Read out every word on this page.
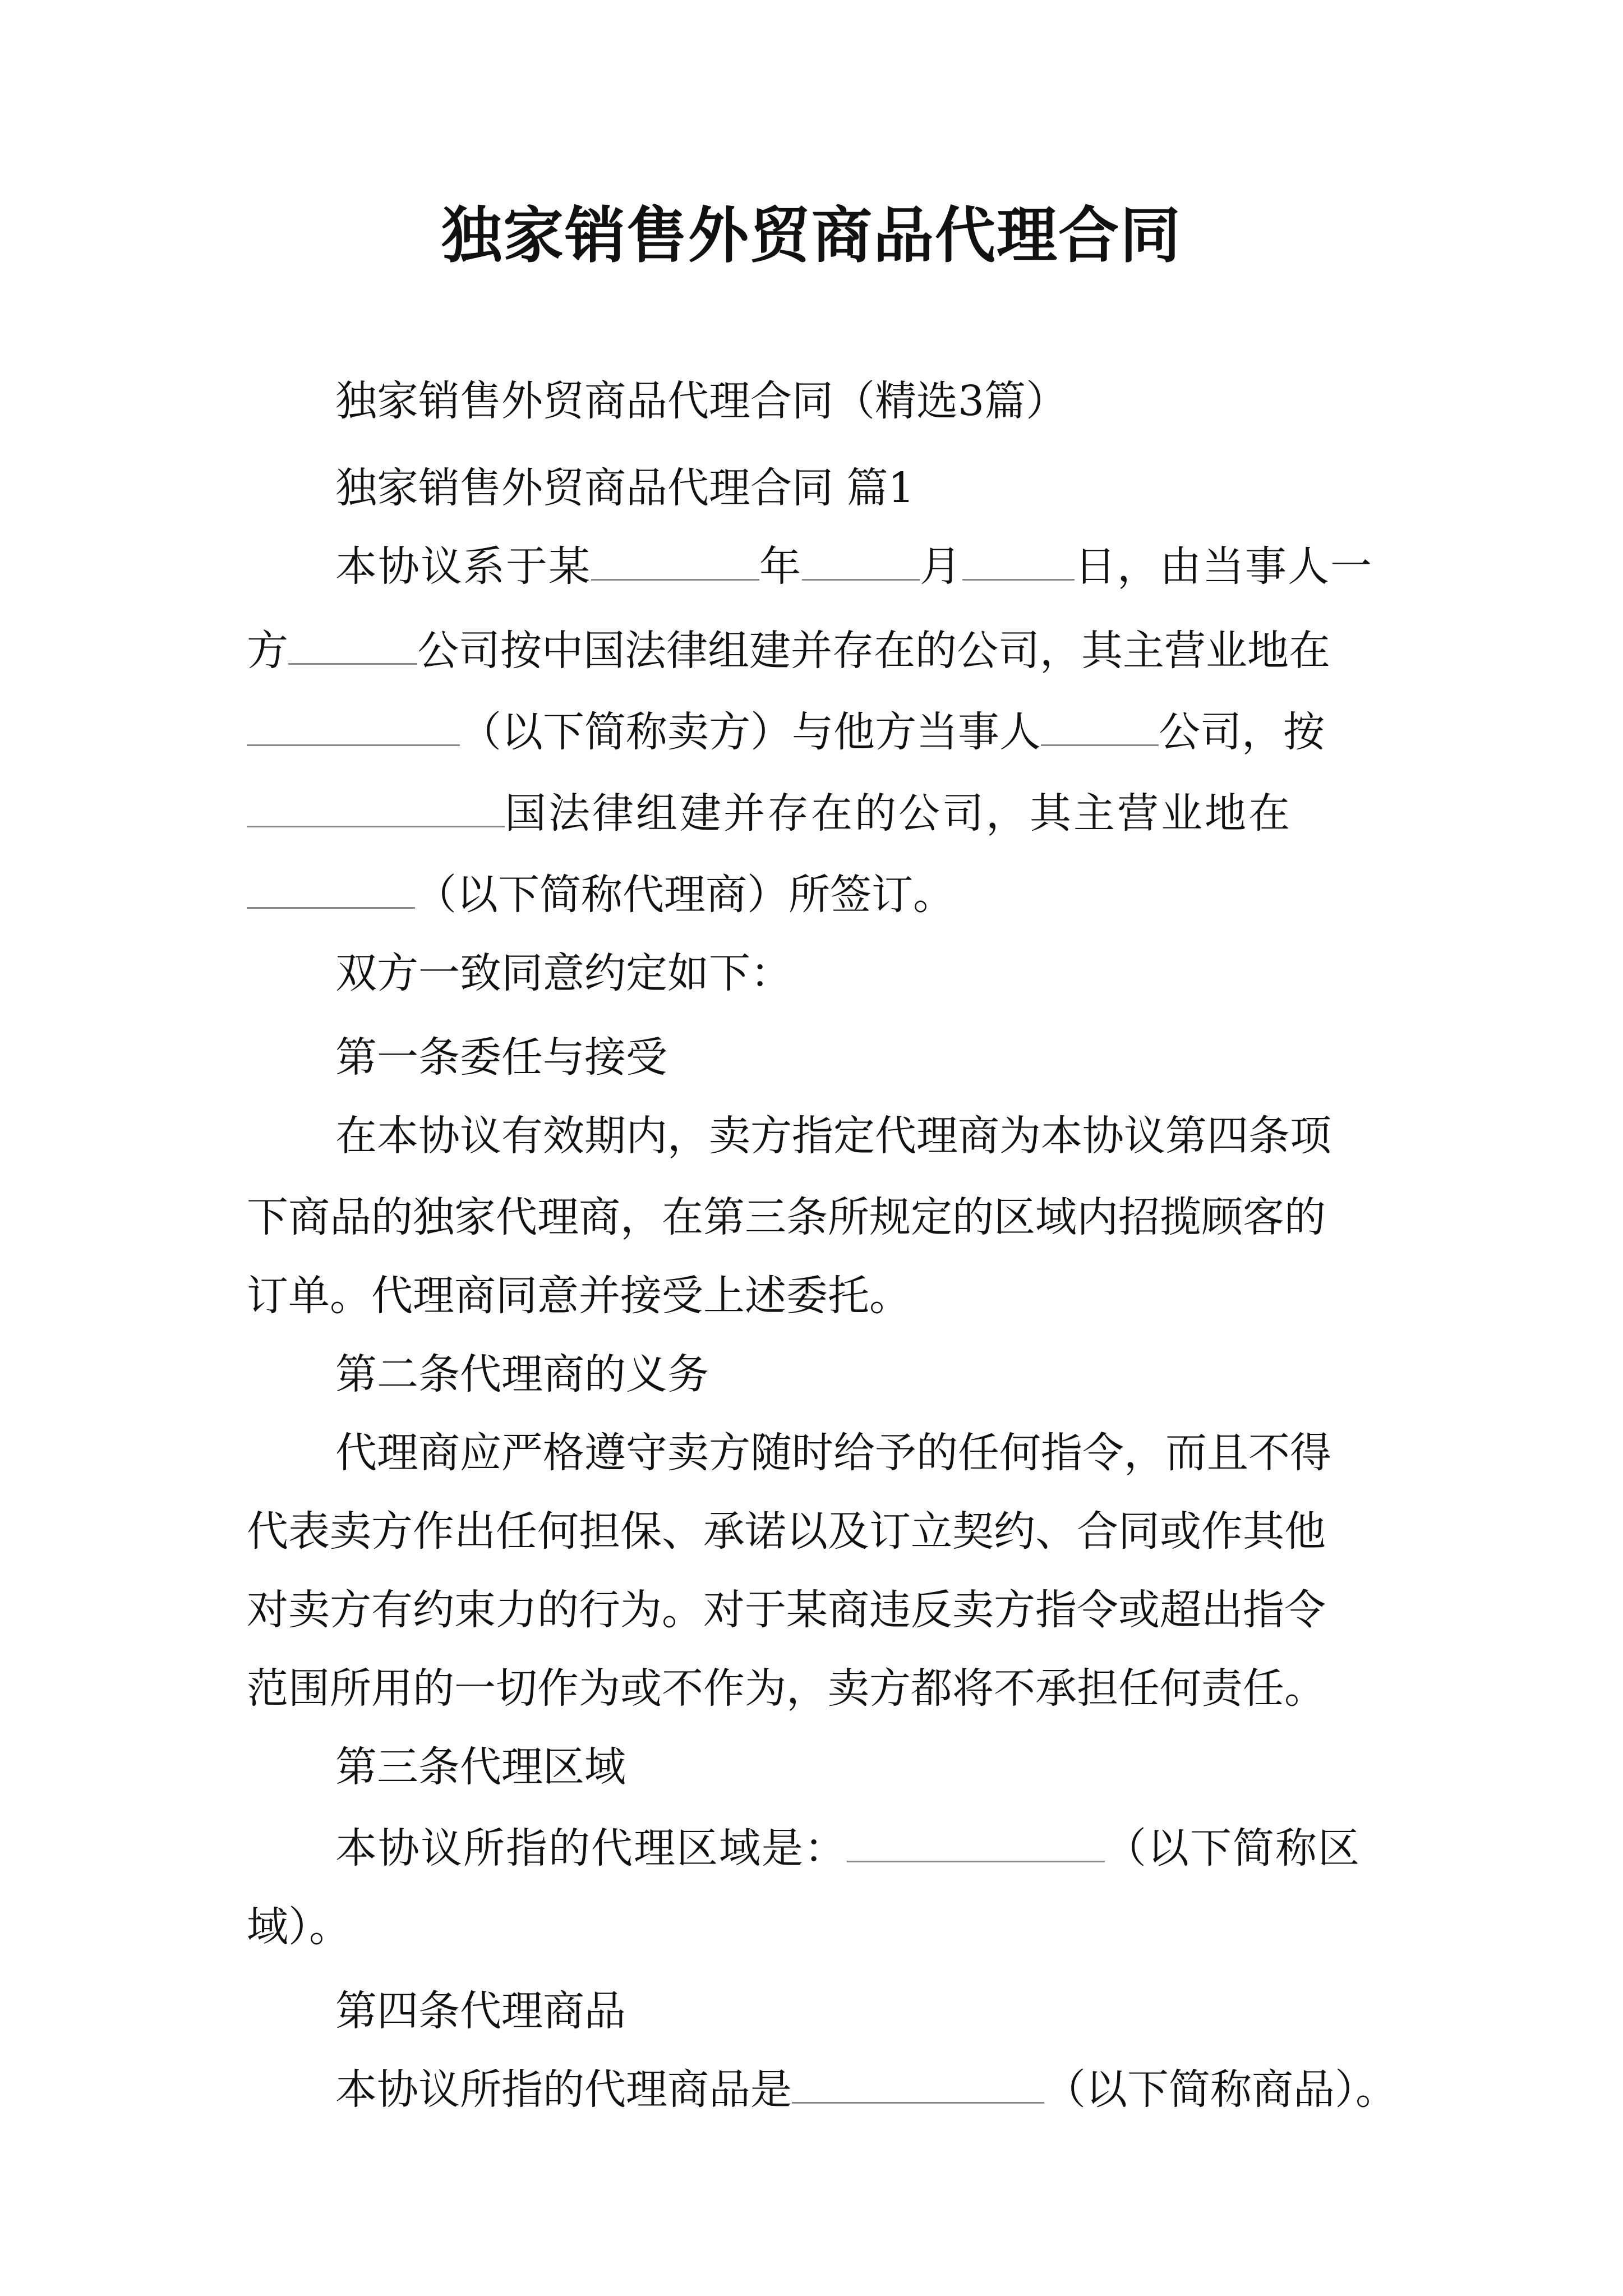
独家销售外贸商品代理合同
独家销售外贸商品代理合同（精选3篇）
独家销售外贸商品代理合同 篇1
本协议系于某	年	月	日，由当事人一
方	公司按中国法律组建并存在的公司，其主营业地在
（以下简称卖方）与他方当事人	公司，按
国法律组建并存在的公司，其主营业地在
（以下简称代理商）所签订。
双方一致同意约定如下：
第一条委任与接受
在本协议有效期内，卖方指定代理商为本协议第四条项
下商品的独家代理商，在第三条所规定的区域内招揽顾客的
订单。代理商同意并接受上述委托。
第二条代理商的义务
代理商应严格遵守卖方随时给予的任何指令，而且不得
代表卖方作出任何担保、承诺以及订立契约、合同或作其他
对卖方有约束力的行为。对于某商违反卖方指令或超出指令
范围所用的一切作为或不作为，卖方都将不承担任何责任。
第三条代理区域
本协议所指的代理区域是：	（以下简称区
域）。
第四条代理商品
本协议所指的代理商品是	（以下简称商品）。
